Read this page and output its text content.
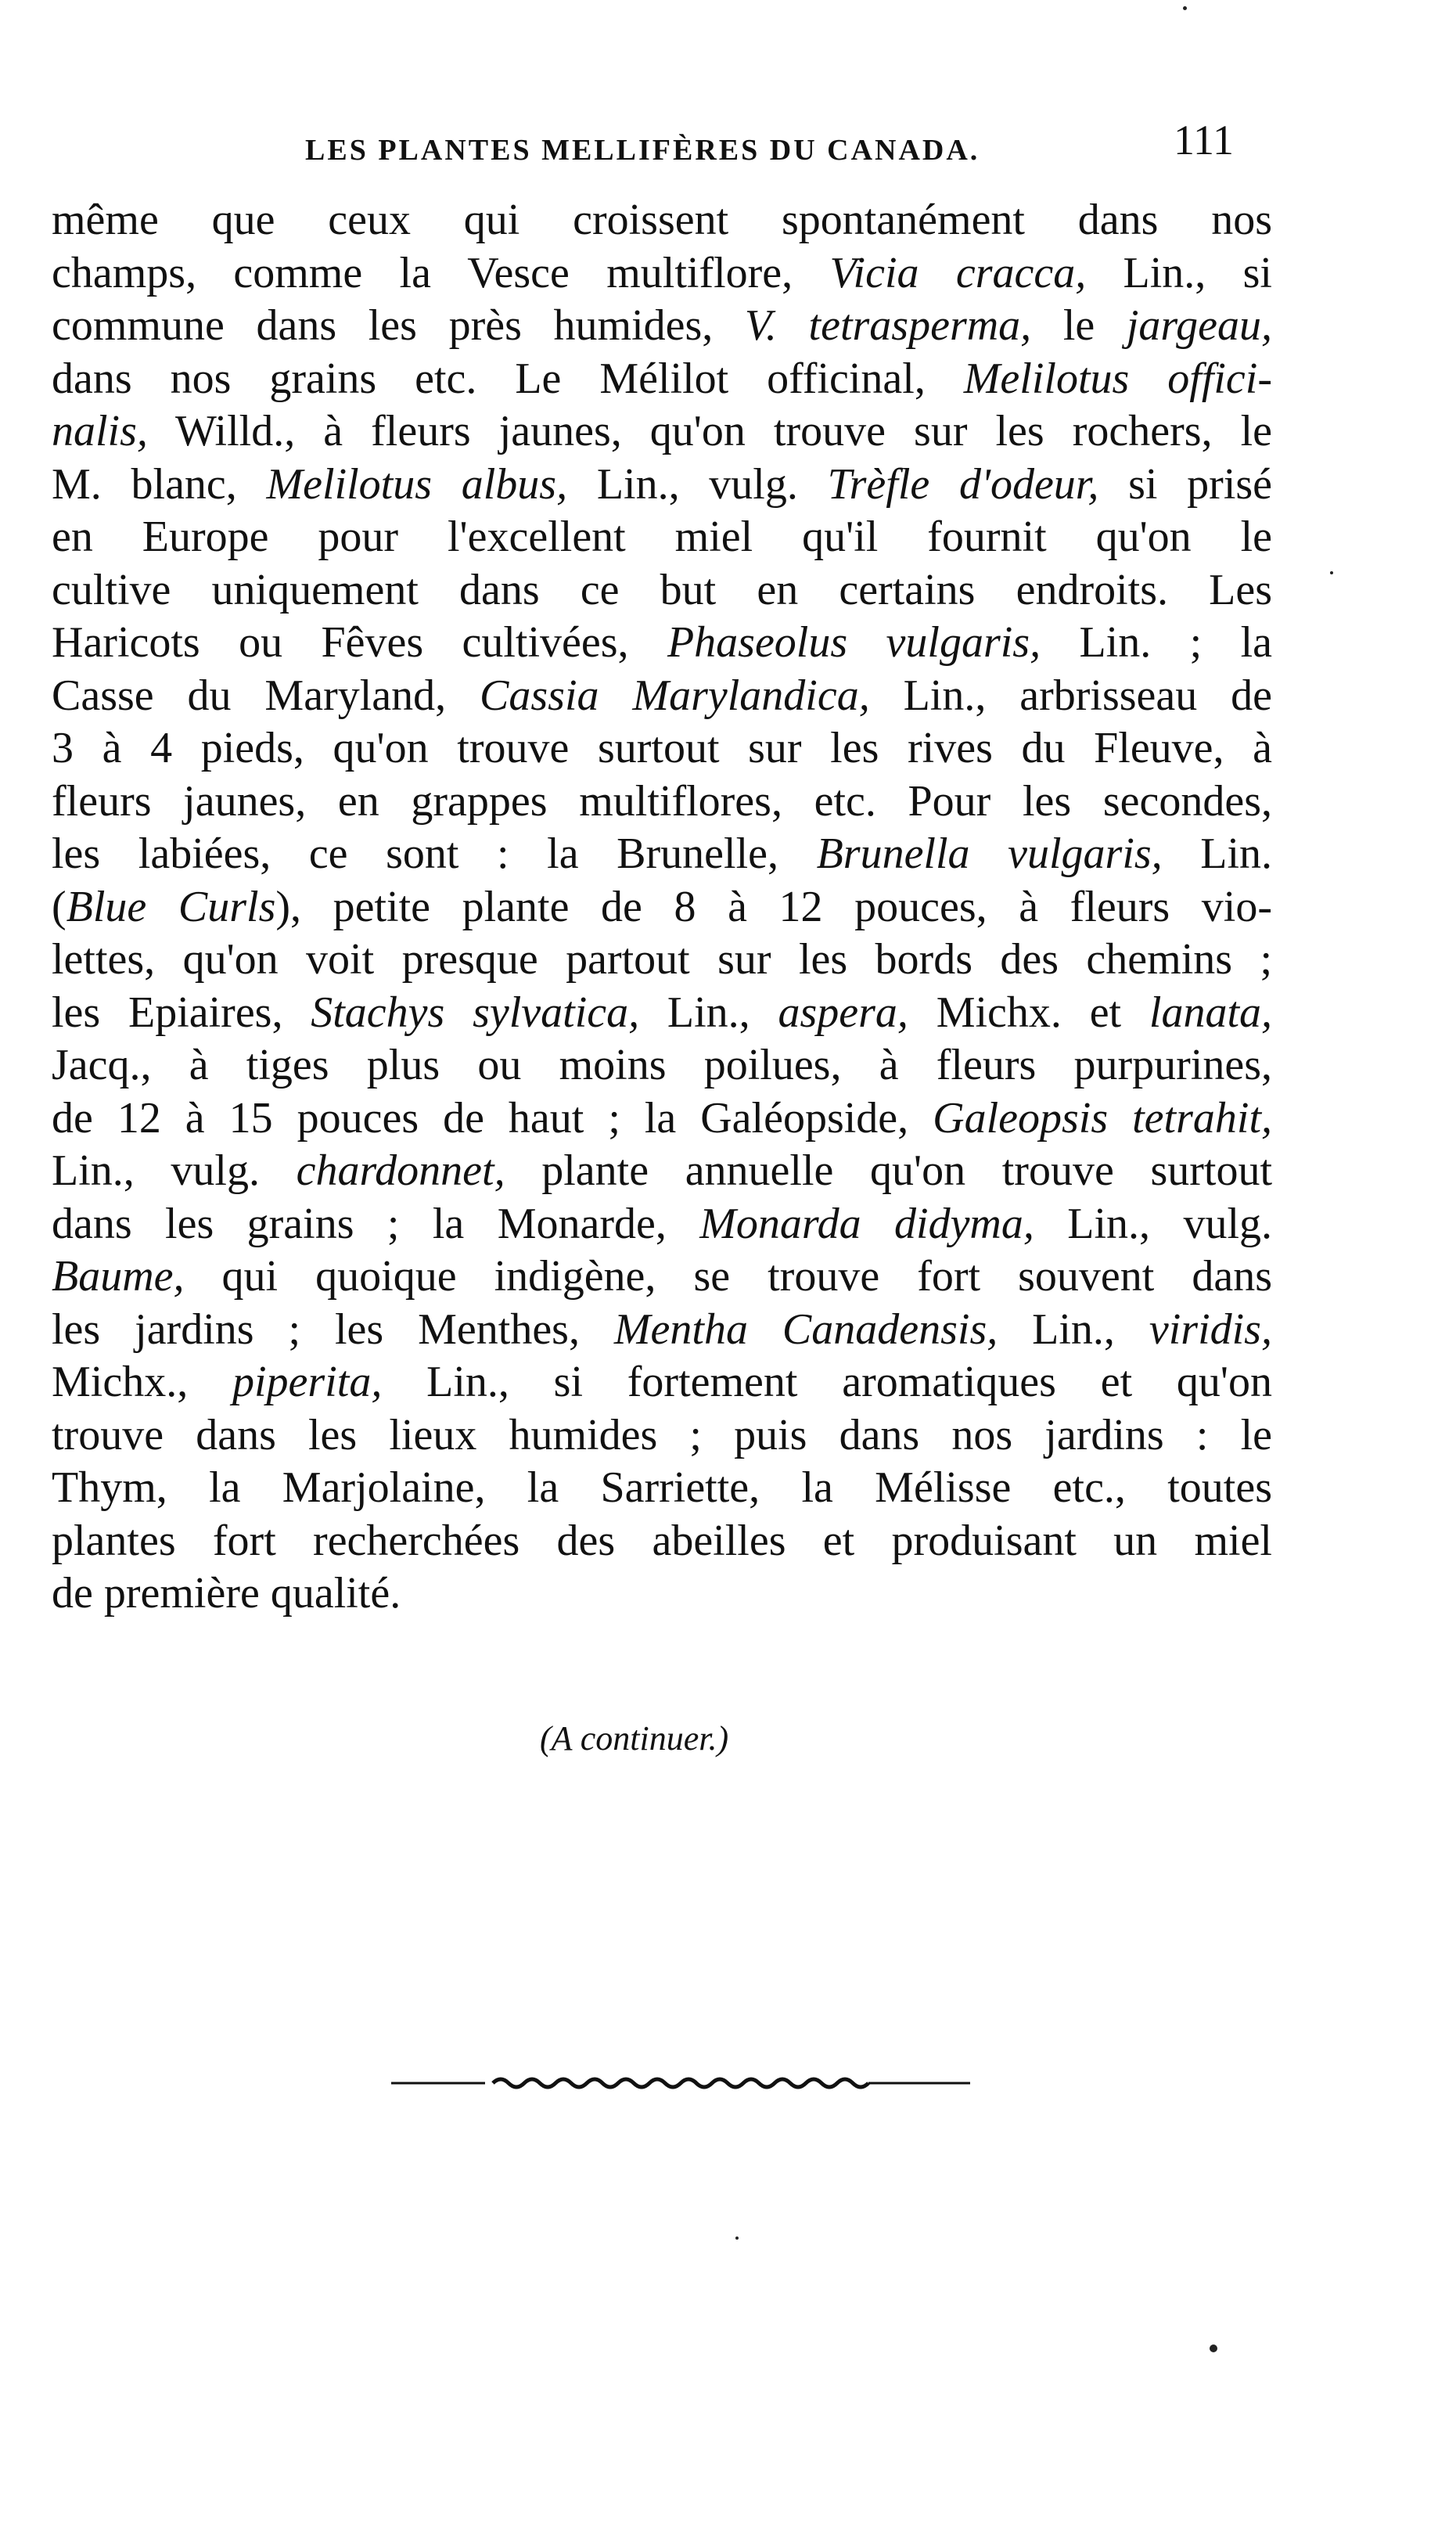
LES PLANTES MELLIFÈRES DU CANADA.	111
même que ceux qui croissent spontanément dans nos
champs, comme la Vesce multiflore, Vicia cracca, Lin., si
commune dans les près humides, V. tetrasperma, le jargeau,
dans nos grains etc. Le Mélilot officinal, Melilotus offici-
nalis, Willd., à fleurs jaunes, qu'on trouve sur les rochers, le
M. blanc, Melilotus albus, Lin., vulg. Trèfle d'odeur, si prisé
en Europe pour l'excellent miel qu'il fournit qu'on le
cultive uniquement dans ce but en certains endroits. Les
Haricots ou Fêves cultivées, Phaseolus vulgaris, Lin. ; la
Casse du Maryland, Cassia Marylandica, Lin., arbrisseau de
3 à 4 pieds, qu'on trouve surtout sur les rives du Fleuve, à
fleurs jaunes, en grappes multiflores, etc. Pour les secondes,
les labiées, ce sont : la Brunelle, Brunella vulgaris, Lin.
(Blue Curls), petite plante de 8 à 12 pouces, à fleurs vio-
lettes, qu'on voit presque partout sur les bords des chemins ;
les Epiaires, Stachys sylvatica, Lin., aspera, Michx. et lanata,
Jacq., à tiges plus ou moins poilues, à fleurs purpurines,
de 12 à 15 pouces de haut ; la Galéopside, Galeopsis tetrahit,
Lin., vulg. chardonnet, plante annuelle qu'on trouve surtout
dans les grains ; la Monarde, Monarda didyma, Lin., vulg.
Baume, qui quoique indigène, se trouve fort souvent dans
les jardins ; les Menthes, Mentha Canadensis, Lin., viridis,
Michx., piperita, Lin., si fortement aromatiques et qu'on
trouve dans les lieux humides ; puis dans nos jardins : le
Thym, la Marjolaine, la Sarriette, la Mélisse etc., toutes
plantes fort recherchées des abeilles et produisant un miel
de première qualité.
(A continuer.)
